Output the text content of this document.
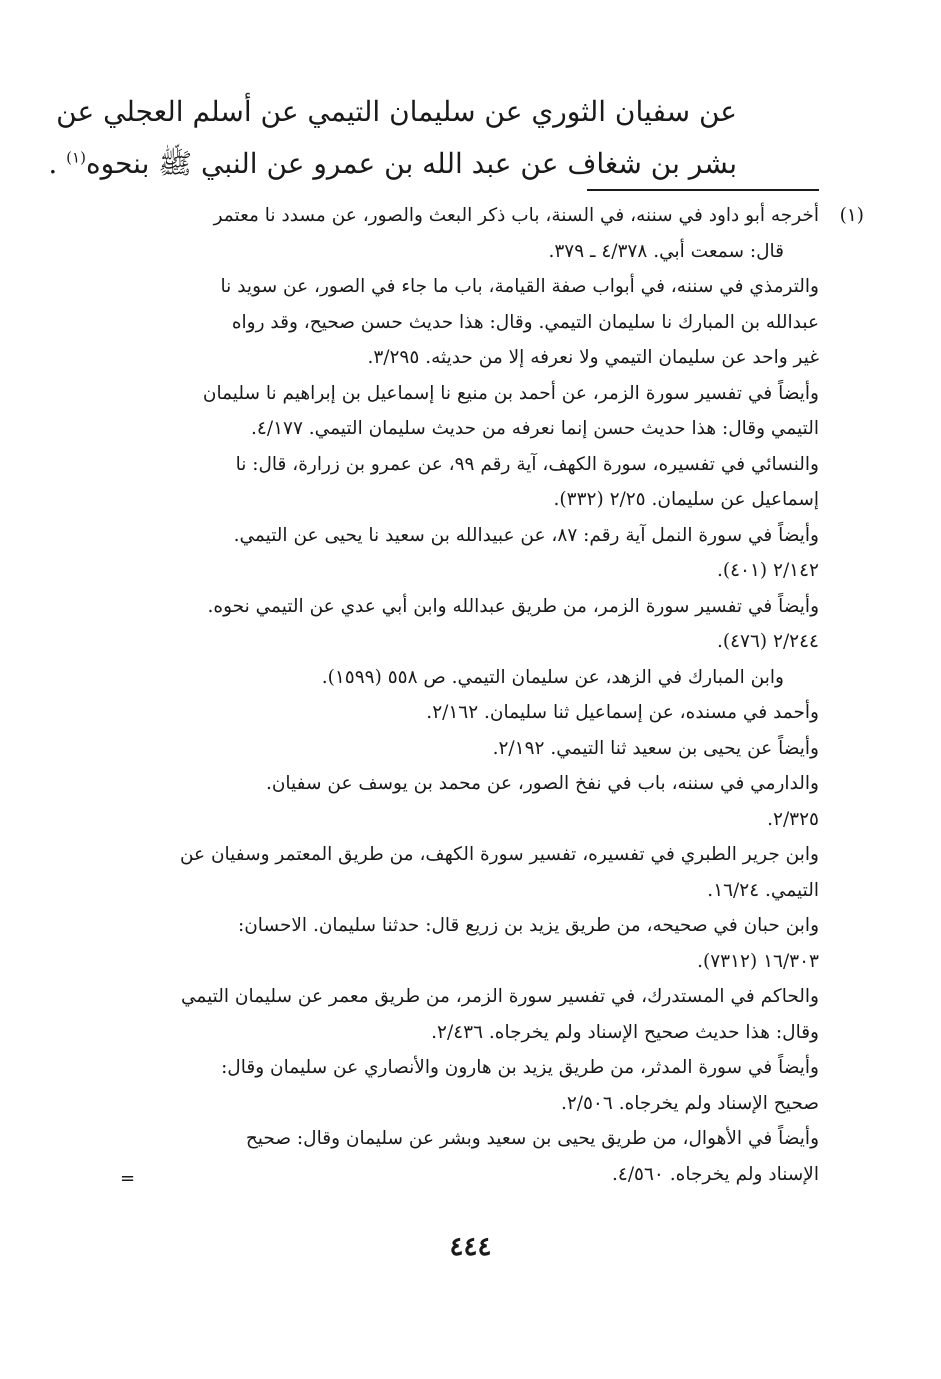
عن سفيان الثوري عن سليمان التيمي عن أسلم العجلي عن
بشر بن شغاف عن عبد الله بن عمرو عن النبي ﷺ بنحوه$^{(١)}$ .
(١)
أخرجه أبو داود في سننه، في السنة، باب ذكر البعث والصور، عن مسدد نا معتمر
قال: سمعت أبي. ٤/٣٧٨ ـ ٣٧٩.
والترمذي في سننه، في أبواب صفة القيامة، باب ما جاء في الصور، عن سويد نا
عبدالله بن المبارك نا سليمان التيمي. وقال: هذا حديث حسن صحيح، وقد رواه
غير واحد عن سليمان التيمي ولا نعرفه إلا من حديثه. ٣/٢٩٥.
وأيضاً في تفسير سورة الزمر، عن أحمد بن منيع نا إسماعيل بن إبراهيم نا سليمان
التيمي وقال: هذا حديث حسن إنما نعرفه من حديث سليمان التيمي. ٤/١٧٧.
والنسائي في تفسيره، سورة الكهف، آية رقم ٩٩، عن عمرو بن زرارة، قال: نا
إسماعيل عن سليمان. ٢/٢٥ (٣٣٢).
وأيضاً في سورة النمل آية رقم: ٨٧، عن عبيدالله بن سعيد نا يحيى عن التيمي.
٢/١٤٢ (٤٠١).
وأيضاً في تفسير سورة الزمر، من طريق عبدالله وابن أبي عدي عن التيمي نحوه.
٢/٢٤٤ (٤٧٦).
وابن المبارك في الزهد، عن سليمان التيمي. ص ٥٥٨ (١٥٩٩).
وأحمد في مسنده، عن إسماعيل ثنا سليمان. ٢/١٦٢.
وأيضاً عن يحيى بن سعيد ثنا التيمي. ٢/١٩٢.
والدارمي في سننه، باب في نفخ الصور، عن محمد بن يوسف عن سفيان.
٢/٣٢٥.
وابن جرير الطبري في تفسيره، تفسير سورة الكهف، من طريق المعتمر وسفيان عن
التيمي. ١٦/٢٤.
وابن حبان في صحيحه، من طريق يزيد بن زريع قال: حدثنا سليمان. الاحسان:
١٦/٣٠٣ (٧٣١٢).
والحاكم في المستدرك، في تفسير سورة الزمر، من طريق معمر عن سليمان التيمي
وقال: هذا حديث صحيح الإسناد ولم يخرجاه. ٢/٤٣٦.
وأيضاً في سورة المدثر، من طريق يزيد بن هارون والأنصاري عن سليمان وقال:
صحيح الإسناد ولم يخرجاه. ٢/٥٠٦.
وأيضاً في الأهوال، من طريق يحيى بن سعيد وبشر عن سليمان وقال: صحيح
الإسناد ولم يخرجاه. ٤/٥٦٠.
=
٤٤٤
